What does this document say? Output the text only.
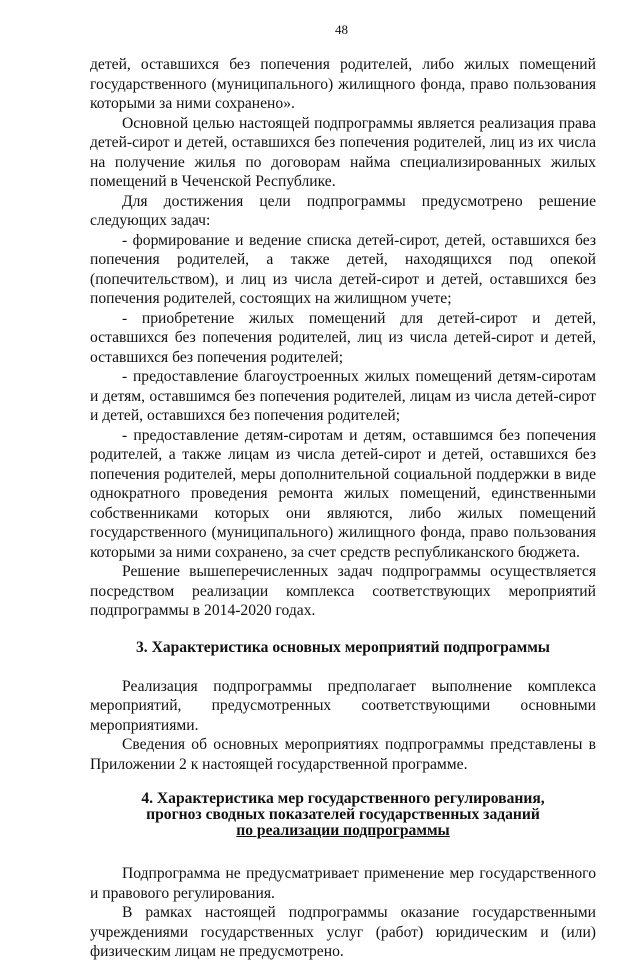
48

детей, оставшихся без попечения родителей, либо жилых помещений государственного (муниципального) жилищного фонда, право пользования которыми за ними сохранено».

Основной целью настоящей подпрограммы является реализация права детей-сирот и детей, оставшихся без попечения родителей, лиц из их числа на получение жилья по договорам найма специализированных жилых помещений в Чеченской Республике.

Для достижения цели подпрограммы предусмотрено решение следующих задач:

- формирование и ведение списка детей-сирот, детей, оставшихся без попечения родителей, а также детей, находящихся под опекой (попечительством), и лиц из числа детей-сирот и детей, оставшихся без попечения родителей, состоящих на жилищном учете;

- приобретение жилых помещений для детей-сирот и детей, оставшихся без попечения родителей, лиц из числа детей-сирот и детей, оставшихся без попечения родителей;

- предоставление благоустроенных жилых помещений детям-сиротам и детям, оставшимся без попечения родителей, лицам из числа детей-сирот и детей, оставшихся без попечения родителей;

- предоставление детям-сиротам и детям, оставшимся без попечения родителей, а также лицам из числа детей-сирот и детей, оставшихся без попечения родителей, меры дополнительной социальной поддержки в виде однократного проведения ремонта жилых помещений, единственными собственниками которых они являются, либо жилых помещений государственного (муниципального) жилищного фонда, право пользования которыми за ними сохранено, за счет средств республиканского бюджета.

Решение вышеперечисленных задач подпрограммы осуществляется посредством реализации комплекса соответствующих мероприятий подпрограммы в 2014-2020 годах.

3. Характеристика основных мероприятий подпрограммы

Реализация подпрограммы предполагает выполнение комплекса мероприятий, предусмотренных соответствующими основными мероприятиями.

Сведения об основных мероприятиях подпрограммы представлены в Приложении 2 к настоящей государственной программе.

4. Характеристика мер государственного регулирования,
прогноз сводных показателей государственных заданий
по реализации подпрограммы

Подпрограмма не предусматривает применение мер государственного и правового регулирования.

В рамках настоящей подпрограммы оказание государственными учреждениями государственных услуг (работ) юридическим и (или) физическим лицам не предусмотрено.
